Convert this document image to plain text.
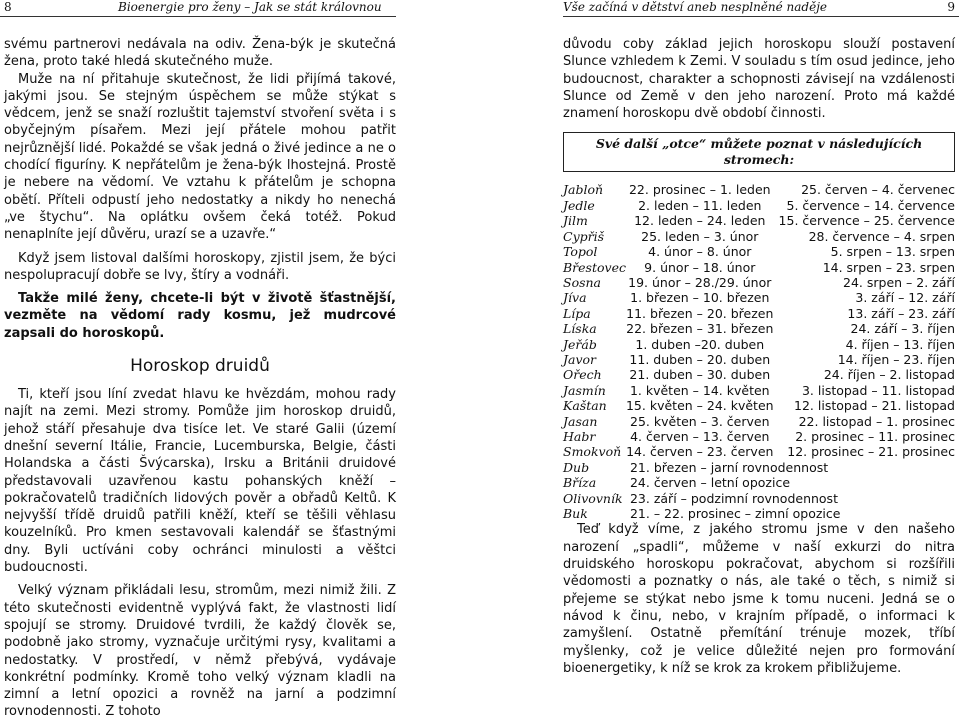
8	Bioenergie pro ženy – Jak se stát královnou	Vše začíná v dětství aneb nesplněné naděje	9

svému partnerovi nedávala na odiv. Žena-býk je skutečná žena, proto také hledá skutečného muže.

Muže na ní přitahuje skutečnost, že lidi přijímá takové, jakými jsou. Se stejným úspěchem se může stýkat s vědcem, jenž se snaží rozluštit tajemství stvoření světa i s obyčejným písařem. Mezi její přátele mohou patřit nejrůznější lidé. Pokaždé se však jedná o živé jedince a ne o chodící figuríny. K nepřátelům je žena-býk lhostejná. Prostě je nebere na vědomí. Ve vztahu k přátelům je schopna obětí. Příteli odpustí jeho nedostatky a nikdy ho nenechá „ve štychu“. Na oplátku ovšem čeká totéž. Pokud nenaplníte její důvěru, urazí se a uzavře.“

Když jsem listoval dalšími horoskopy, zjistil jsem, že býci nespolupracují dobře se lvy, štíry a vodnáři.

Takže milé ženy, chcete-li být v životě šťastnější, vezměte na vědomí rady kosmu, jež mudrcové zapsali do horoskopů.

Horoskop druidů

Ti, kteří jsou líní zvedat hlavu ke hvězdám, mohou rady najít na zemi. Mezi stromy. Pomůže jim horoskop druidů, jehož stáří přesahuje dva tisíce let. Ve staré Galii (území dnešní severní Itálie, Francie, Lucemburska, Belgie, části Holandska a části Švýcarska), Irsku a Británii druidové představovali uzavřenou kastu pohanských kněží – pokračovatelů tradičních lidových pověr a obřadů Keltů. K nejvyšší třídě druidů patřili kněží, kteří se těšili věhlasu kouzelníků. Pro kmen sestavovali kalendář se šťastnými dny. Byli uctíváni coby ochránci minulosti a věštci budoucnosti.

Velký význam přikládali lesu, stromům, mezi nimiž žili. Z této skutečnosti evidentně vyplývá fakt, že vlastnosti lidí spojují se stromy. Druidové tvrdili, že každý člověk se, podobně jako stromy, vyznačuje určitými rysy, kvalitami a nedostatky. V prostředí, v němž přebývá, vydávaje konkrétní podmínky. Kromě toho velký význam kladli na zimní a letní opozici a rovněž na jarní a podzimní rovnodennosti. Z tohoto

důvodu coby základ jejich horoskopu slouží postavení Slunce vzhledem k Zemi. V souladu s tím osud jedince, jeho budoucnost, charakter a schopnosti závisejí na vzdálenosti Slunce od Země v den jeho narození. Proto má každé znamení horoskopu dvě období činnosti.

Své další „otce“ můžete poznat v následujících stromech:
Jabloň	22. prosinec – 1. leden	25. červen – 4. červenec
Jedle	2. leden – 11. leden	5. července – 14. července
Jilm	12. leden – 24. leden	15. července – 25. července
Cypřiš	25. leden – 3. únor	28. července – 4. srpen
Topol	4. únor – 8. únor	5. srpen – 13. srpen
Břestovec	9. únor – 18. únor	14. srpen – 23. srpen
Sosna	19. únor – 28./29. únor	24. srpen – 2. září
Jíva	1. březen – 10. březen	3. září – 12. září
Lípa	11. březen – 20. březen	13. září – 23. září
Líska	22. březen – 31. březen	24. září – 3. říjen
Jeřáb	1. duben –20. duben	4. říjen – 13. říjen
Javor	11. duben – 20. duben	14. říjen – 23. říjen
Ořech	21. duben – 30. duben	24. říjen – 2. listopad
Jasmín	1. květen – 14. květen	3. listopad – 11. listopad
Kaštan	15. květen – 24. květen	12. listopad – 21. listopad
Jasan	25. květen – 3. červen	22. listopad – 1. prosinec
Habr	4. červen – 13. červen	2. prosinec – 11. prosinec
Smokvoň	14. červen – 23. červen	12. prosinec – 21. prosinec
Dub	21. březen – jarní rovnodennost	
Bříza	24. červen – letní opozice	
Olivovník	23. září – podzimní rovnodennost	
Buk	21. – 22. prosinec – zimní opozice	

Teď když víme, z jakého stromu jsme v den našeho narození „spadli“, můžeme v naší exkurzi do nitra druidského horoskopu pokračovat, abychom si rozšířili vědomosti a poznatky o nás, ale také o těch, s nimiž si přejeme se stýkat nebo jsme k tomu nuceni. Jedná se o návod k činu, nebo, v krajním případě, o informaci k zamyšlení. Ostatně přemítání trénuje mozek, tříbí myšlenky, což je velice důležité nejen pro formování bioenergetiky, k níž se krok za krokem přibližujeme.
